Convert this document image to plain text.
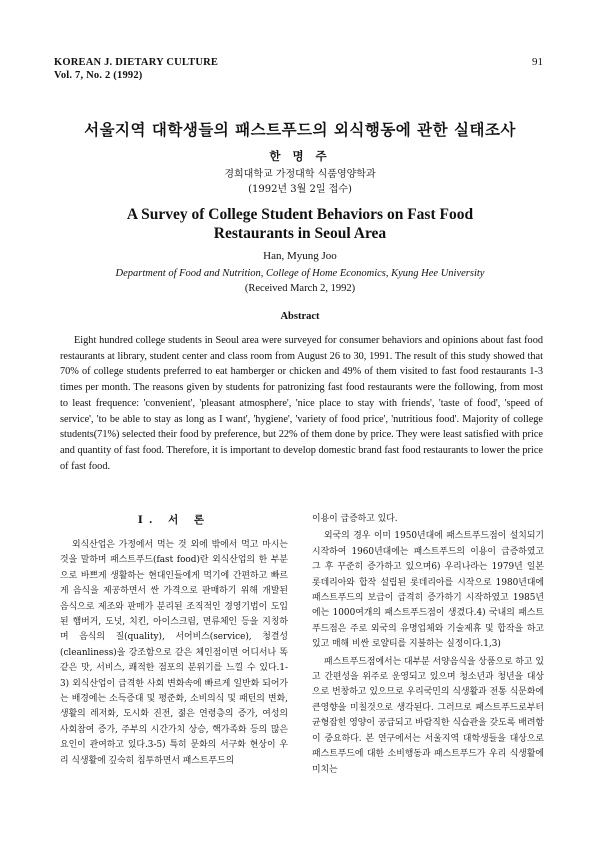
KOREAN J. DIETARY CULTURE
Vol. 7, No. 2 (1992)
91
서울지역 대학생들의 패스트푸드의 외식행동에 관한 실태조사
한 명 주
경희대학교 가정대학 식품영양학과
(1992년 3월 2일 접수)
A Survey of College Student Behaviors on Fast Food
Restaurants in Seoul Area
Han, Myung Joo
Department of Food and Nutrition, College of Home Economics, Kyung Hee University
(Received March 2, 1992)
Abstract
Eight hundred college students in Seoul area were surveyed for consumer behaviors and opinions about fast food restaurants at library, student center and class room from August 26 to 30, 1991. The result of this study showed that 70% of college students preferred to eat hamberger or chicken and 49% of them visited to fast food restaurants 1-3 times per month. The reasons given by students for patronizing fast food restaurants were the following, from most to least frequence: 'convenient', 'pleasant atmosphere', 'nice place to stay with friends', 'taste of food', 'speed of service', 'to be able to stay as long as I want', 'hygiene', 'variety of food price', 'nutritious food'. Majority of college students(71%) selected their food by preference, but 22% of them done by price. They were least satisfied with price and quantity of fast food. Therefore, it is important to develop domestic brand fast food restaurants to lower the price of fast food.
I. 서 론

외식산업은 가정에서 먹는 것 외에 밖에서 먹고 마시는 것을 말하며 패스트푸드(fast food)란 외식산업의 한 부분으로 바쁘게 생활하는 현대인들에게 먹기에 간편하고 빠르게 음식을 제공하면서 싼 가격으로 판매하기 위해 개발된 음식으로 제조와 판매가 분리된 조직적인 경영기법이 도입된 햄버거, 도넛, 치킨, 아이스크림, 면류체인 등을 지칭하며 음식의 질(quality), 서어비스(service), 청결성(cleanliness)을 강조함으로 같은 체인점이면 어디서나 똑같은 맛, 서비스, 쾌적한 점포의 분위기를 느낄 수 있다.1-3) 외식산업이 급격한 사회 변화속에 빠르게 일반화 되어가는 배경에는 소득증대 및 평준화, 소비의식 및 패턴의 변화, 생활의 레저화, 도시화 진전, 젊은 연령층의 증가, 여성의 사회참여 증가, 주부의 시간가치 상승, 핵가족화 등의 많은 요인이 관여하고 있다.3-5) 특히 문화의 서구화 현상이 우리 식생활에 깊숙히 침투하면서 패스트푸드의

이용이 급증하고 있다.

외국의 경우 이미 1950년대에 패스트푸드점이 설치되기 시작하여 1960년대에는 패스트푸드의 이용이 급증하였고 그 후 꾸준히 증가하고 있으며6) 우리나라는 1979년 일본 롯데리아와 합작 설립된 롯데리아를 시작으로 1980년대에 패스트푸드의 보급이 급격히 증가하기 시작하였고 1985년에는 1000여개의 패스트푸드점이 생겼다.4) 국내의 패스트푸드점은 주로 외국의 유명업체와 기술제휴 및 합작을 하고 있고 매해 비싼 로얄티를 지불하는 실정이다.1,3)

패스트푸드점에서는 대부분 서양음식을 상품으로 하고 있고 간편성을 위주로 운영되고 있으며 청소년과 청년을 대상으로 번창하고 있으므로 우리국민의 식생활과 전통 식문화에 큰영향을 미칠것으로 생각된다. 그러므로 패스트푸드로부터 균형잡힌 영양이 공급되고 바람직한 식습관을 갖도록 배려함이 중요하다. 본 연구에서는 서울지역 대학생들을 대상으로 패스트푸드에 대한 소비행동과 패스트푸드가 우리 식생활에 미치는
